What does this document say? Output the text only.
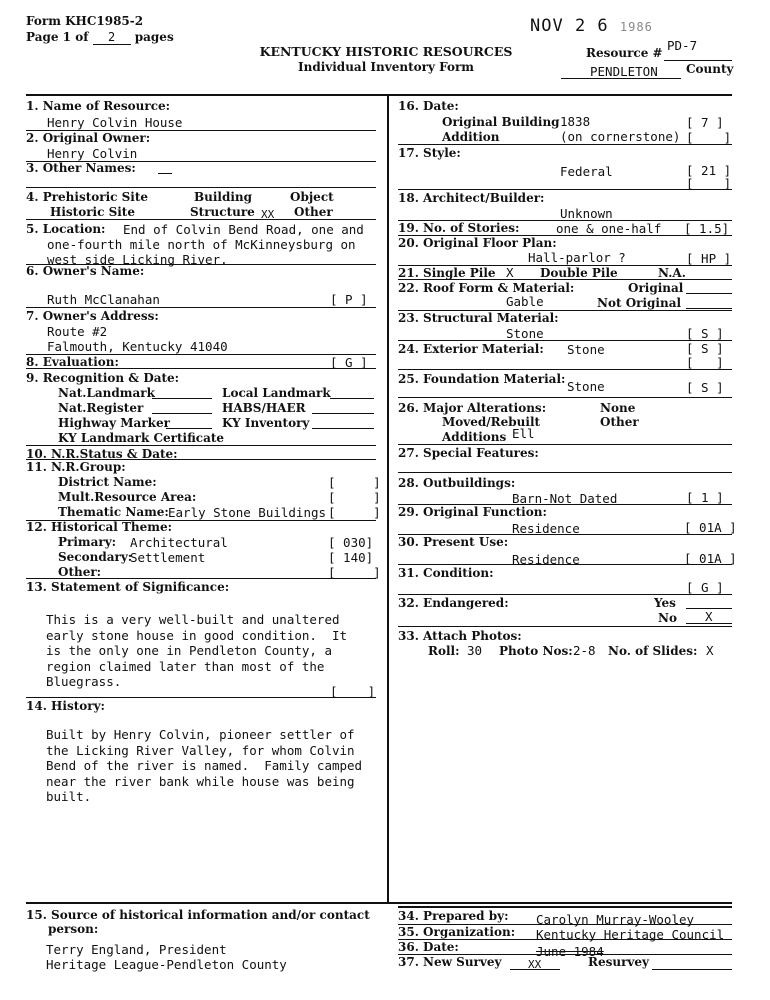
Form KHC1985-2
Page 1 of 2 pages
NOV 2 6 1986
KENTUCKY HISTORIC RESOURCES
Individual Inventory Form
Resource # PD-7
PENDLETON County
1. Name of Resource:
Henry Colvin House
2. Original Owner:
Henry Colvin
3. Other Names:
4. Prehistoric Site	Building	Object
Historic Site	Structure XX Other
5. Location: End of Colvin Bend Road, one and
one-fourth mile north of McKinneysburg on
west side Licking River.
6. Owner's Name:
Ruth McClanahan	[ P ]
7. Owner's Address:
Route #2
Falmouth, Kentucky 41040
8. Evaluation:	[ G ]
9. Recognition & Date:
Nat.Landmark	Local Landmark
Nat.Register	HABS/HAER
Highway Marker	KY Inventory
KY Landmark Certificate
10. N.R.Status & Date:
11. N.R.Group:
District Name:	[     ]
Mult.Resource Area:	[     ]
Thematic Name: Early Stone Buildings [     ]
12. Historical Theme:
Primary: Architectural	[ 030]
Secondary:
Settlement	[ 140]
Other:	[     ]
13. Statement of Significance:
This is a very well-built and unaltered
early stone house in good condition.  It
is the only one in Pendleton County, a
region claimed later than most of the
Bluegrass.
[    ]
14. History:
Built by Henry Colvin, pioneer settler of
the Licking River Valley, for whom Colvin
Bend of the river is named.  Family camped
near the river bank while house was being
built.
15. Source of historical information and/or contact
person:
Terry England, President
Heritage League-Pendleton County
16. Date:
Original Building 1838	[ 7 ]
Addition	(on cornerstone) [    ]
17. Style:
Federal	[ 21 ]
[    ]
18. Architect/Builder:
Unknown
19. No. of Stories:	one & one-half [ 1.5]
20. Original Floor Plan:
Hall-parlor ?	[ HP ]
21. Single Pile X Double Pile	N.A.
22. Roof Form & Material:	Original
Gable	Not Original
23. Structural Material:
Stone	[ S ]
24. Exterior Material: Stone	[ S ]
[   ]
25. Foundation Material: Stone	[ S ]
26. Major Alterations:	None
Moved/Rebuilt	Other
Additions Ell
27. Special Features:
28. Outbuildings:
Barn-Not Dated	[ 1 ]
29. Original Function:
Residence	[ 01A ]
30. Present Use:
Residence	[ 01A ]
31. Condition:
[ G ]
32. Endangered:	Yes
No X
33. Attach Photos:
Roll: 30 Photo Nos: 2-8 No. of Slides: X
34. Prepared by: Carolyn Murray-Wooley
35. Organization: Kentucky Heritage Council
36. Date:	June 1984
37. New Survey XX	Resurvey
